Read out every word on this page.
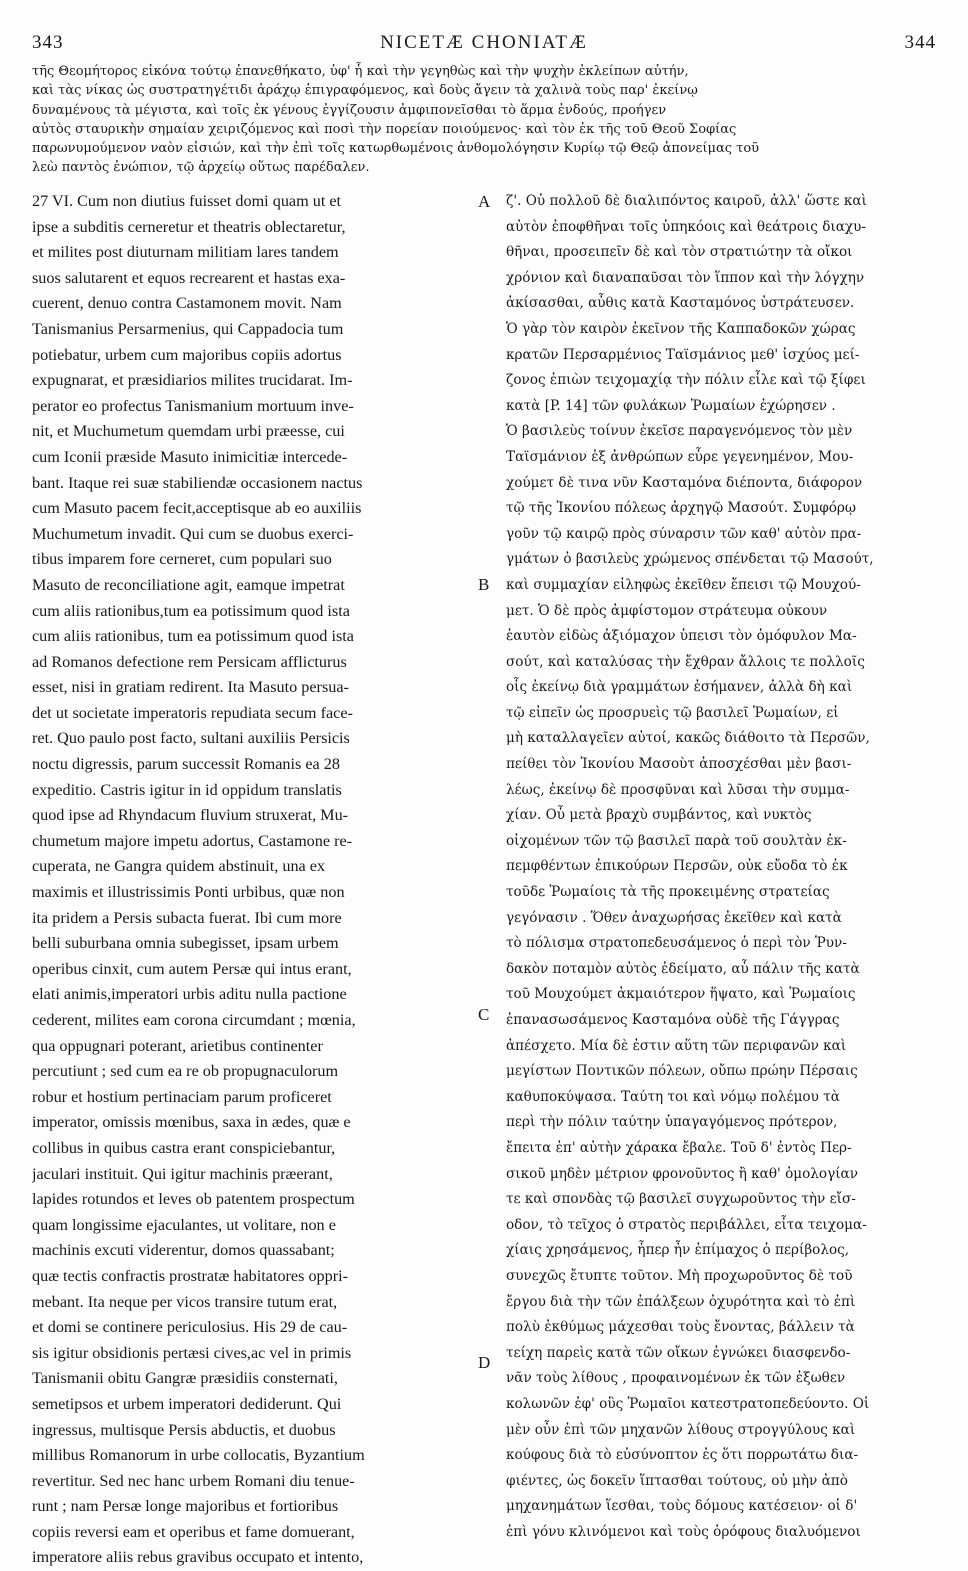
343	NICETÆ CHONIATÆ	344
τῆς Θεομήτορος εἰκόνα τούτῳ ἐπανεθήκατο, ὑφ' ἧ καὶ τὴν γεγηθὼς καὶ τὴν ψυχὴν ἐκλείπων αὐτήν,
καὶ τὰς νίκας ὡς συστρατηγέτιδι ἀράχῳ ἐπιγραφόμενος, καὶ δοὺς ἄγειν τὰ χαλινὰ τοὺς παρ' ἐκείνῳ
δυναμένους τὰ μέγιστα, καὶ τοῖς ἐκ γένους ἐγγίζουσιν ἀμφιπονεῖσθαι τὸ ἅρμα ἐνδούς, προήγεν
αὐτὸς σταυρικὴν σημαίαν χειριζόμενος καὶ ποσὶ τὴν πορείαν ποιούμενος· καὶ τὸν ἐκ τῆς τοῦ Θεοῦ Σοφίας
παρωνυμούμενον ναὸν εἰσιών, καὶ τὴν ἐπὶ τοῖς κατωρθωμένοις ἀνθομολόγησιν Κυρίῳ τῷ Θεῷ ἀπονείμας τοῦ
λεὼ παντὸς ἐνώπιον, τῷ ἀρχείῳ οὕτως παρέδαλεν.
27 VI. Cum non diutius fuisset domi quam ut et
ipse a subditis cerneretur et theatris oblectaretur,
et milites post diuturnam militiam lares tandem
suos salutarent et equos recrearent et hastas exa-
cuerent, denuo contra Castamonem movit. Nam
Tanismanius Persarmenius, qui Cappadocia tum
potiebatur, urbem cum majoribus copiis adortus
expugnarat, et præsidiarios milites trucidarat. Im-
perator eo profectus Tanismanium mortuum inve-
nit, et Muchumetum quemdam urbi præesse, cui
cum Iconii præside Masuto inimicitiæ intercede-
bant. Itaque rei suæ stabiliendæ occasionem nactus
cum Masuto pacem fecit,acceptisque ab eo auxiliis
Muchumetum invadit. Qui cum se duobus exerci-
tibus imparem fore cerneret, cum populari suo
Masuto de reconciliatione agit, eamque impetrat
cum aliis rationibus,tum ea potissimum quod ista
cum aliis rationibus, tum ea potissimum quod ista
ad Romanos defectione rem Persicam afflicturus
esset, nisi in gratiam redirent. Ita Masuto persua-
det ut societate imperatoris repudiata secum face-
ret. Quo paulo post facto, sultani auxiliis Persicis
noctu digressis, parum successit Romanis ea 28
expeditio. Castris igitur in id oppidum translatis
quod ipse ad Rhyndacum fluvium struxerat, Mu-
chumetum majore impetu adortus, Castamone re-
cuperata, ne Gangra quidem abstinuit, una ex
maximis et illustrissimis Ponti urbibus, quæ non
ita pridem a Persis subacta fuerat. Ibi cum more
belli suburbana omnia subegisset, ipsam urbem
operibus cinxit, cum autem Persæ qui intus erant,
elati animis,imperatori urbis aditu nulla pactione
cederent, milites eam corona circumdant ; mœnia,
qua oppugnari poterant, arietibus continenter
percutiunt ; sed cum ea re ob propugnaculorum
robur et hostium pertinaciam parum proficeret
imperator, omissis mœnibus, saxa in ædes, quæ e
collibus in quibus castra erant conspiciebantur,
jaculari instituit. Qui igitur machinis præerant,
lapides rotundos et leves ob patentem prospectum
quam longissime ejaculantes, ut volitare, non e
machinis excuti viderentur, domos quassabant;
quæ tectis confractis prostratæ habitatores oppri-
mebant. Ita neque per vicos transire tutum erat,
et domi se continere periculosius. His 29 de cau-
sis igitur obsidionis pertæsi cives,ac vel in primis
Tanismanii obitu Gangræ præsidiis consternati,
semetipsos et urbem imperatori dediderunt. Qui
ingressus, multisque Persis abductis, et duobus
millibus Romanorum in urbe collocatis, Byzantium
revertitur. Sed nec hanc urbem Romani diu tenue-
runt ; nam Persæ longe majoribus et fortioribus
copiis reversi eam et operibus et fame domuerant,
imperatore aliis rebus gravibus occupato et intento,
ζ'. Οὐ πολλοῦ δὲ διαλιπόντος καιροῦ, ἀλλ' ὥστε καὶ
αὐτὸν ἐποφθῆναι τοῖς ὑπηκόοις καὶ θεάτροις διαχυ-
θῆναι, προσειπεῖν δὲ καὶ τὸν στρατιώτην τὰ οἴκοι
χρόνιον καὶ διαναπαῦσαι τὸν ἵππον καὶ τὴν λόγχην
ἀκίσασθαι, αὖθις κατὰ Κασταμόνος ὑστράτευσεν.
Ὁ γὰρ τὸν καιρὸν ἐκεῖνον τῆς Καππαδοκῶν χώρας
κρατῶν Περσαρμένιος Ταϊσμάνιος μεθ' ἰσχύος μεί-
ζονος ἐπιὼν τειχομαχίᾳ τὴν πόλιν εἷλε καὶ τῷ ξίφει
κατὰ [P. 14] τῶν φυλάκων Ῥωμαίων ἐχώρησεν .
Ὁ βασιλεὺς τοίνυν ἐκεῖσε παραγενόμενος τὸν μὲν
Ταϊσμάνιον ἐξ ἀνθρώπων εὗρε γεγενημένον, Μου-
χούμετ δὲ τινα νῦν Κασταμόνα διέποντα, διάφορον
τῷ τῆς Ἰκονίου πόλεως ἀρχηγῷ Μασούτ. Συμφόρῳ
γοῦν τῷ καιρῷ πρὸς σύναρσιν τῶν καθ' αὐτὸν πρα-
γμάτων ὁ βασιλεὺς χρώμενος σπένδεται τῷ Μασούτ,
καὶ συμμαχίαν εἰληφὼς ἐκεῖθεν ἔπεισι τῷ Μουχού-
μετ. Ὁ δὲ πρὸς ἀμφίστομον στράτευμα οὐκουν
ἑαυτὸν εἰδὼς ἀξιόμαχον ὑπεισι τὸν ὁμόφυλον Μα-
σούτ, καὶ καταλύσας τὴν ἔχθραν ἄλλοις τε πολλοῖς
οἷς ἐκείνῳ διὰ γραμμάτων ἐσήμανεν, ἀλλὰ δὴ καὶ
τῷ εἰπεῖν ὡς προσρυεὶς τῷ βασιλεῖ Ῥωμαίων, εἰ
μὴ καταλλαγεῖεν αὐτοί, κακῶς διάθοιτο τὰ Περσῶν,
πείθει τὸν Ἰκονίου Μασοὺτ ἀποσχέσθαι μὲν βασι-
λέως, ἐκείνῳ δὲ προσφῦναι καὶ λῦσαι τὴν συμμα-
χίαν. Οὗ μετὰ βραχὺ συμβάντος, καὶ νυκτὸς
οἰχομένων τῶν τῷ βασιλεῖ παρὰ τοῦ σουλτὰν ἐκ-
πεμφθέντων ἐπικούρων Περσῶν, οὐκ εὔοδα τὸ ἐκ
τοῦδε Ῥωμαίοις τὰ τῆς προκειμένης στρατείας
γεγόνασιν . Ὅθεν ἀναχωρήσας ἐκεῖθεν καὶ κατὰ
τὸ πόλισμα στρατοπεδευσάμενος ὁ περὶ τὸν Ῥυν-
δακὸν ποταμὸν αὐτὸς ἐδείματο, αὖ πάλιν τῆς κατὰ
τοῦ Μουχούμετ ἀκμαιότερον ἥψατο, καὶ Ῥωμαίοις
ἐπανασωσάμενος Κασταμόνα οὐδὲ τῆς Γάγγρας
ἀπέσχετο. Μία δὲ ἐστιν αὕτη τῶν περιφανῶν καὶ
μεγίστων Ποντικῶν πόλεων, οὔπω πρώην Πέρσαις
καθυποκύψασα. Ταύτη τοι καὶ νόμῳ πολέμου τὰ
περὶ τὴν πόλιν ταύτην ὑπαγαγόμενος πρότερον,
ἔπειτα ἐπ' αὐτὴν χάρακα ἔβαλε. Τοῦ δ' ἐντὸς Περ-
σικοῦ μηδὲν μέτριον φρονοῦντος ἢ καθ' ὁμολογίαν
τε καὶ σπονδὰς τῷ βασιλεῖ συγχωροῦντος τὴν εἴσ-
οδον, τὸ τεῖχος ὁ στρατὸς περιβάλλει, εἶτα τειχομα-
χίαις χρησάμενος, ἧπερ ἦν ἐπίμαχος ὁ περίβολος,
συνεχῶς ἔτυπτε τοῦτον. Μὴ προχωροῦντος δὲ τοῦ
ἔργου διὰ τὴν τῶν ἐπάλξεων ὀχυρότητα καὶ τὸ ἐπὶ
πολὺ ἐκθύμως μάχεσθαι τοὺς ἔνοντας, βάλλειν τὰ
τείχη παρεὶς κατὰ τῶν οἴκων ἐγνώκει διασφενδο-
νᾶν τοὺς λίθους , προφαινομένων ἐκ τῶν ἐξωθεν
κολωνῶν ἐφ' οὓς Ῥωμαῖοι κατεστρατοπεδεύοντο. Οἱ
μὲν οὖν ἐπὶ τῶν μηχανῶν λίθους στρογγύλους καὶ
κούφους διὰ τὸ εὐσύνοπτον ἐς ὅτι πορρωτάτω δια-
φιέντες, ὡς δοκεῖν ἵπτασθαι τούτους, οὐ μὴν ἀπὸ
μηχανημάτων ἵεσθαι, τοὺς δόμους κατέσειον· οἱ δ'
ἐπὶ γόνυ κλινόμενοι καὶ τοὺς ὀρόφους διαλυόμενοι
A
B
C
D
